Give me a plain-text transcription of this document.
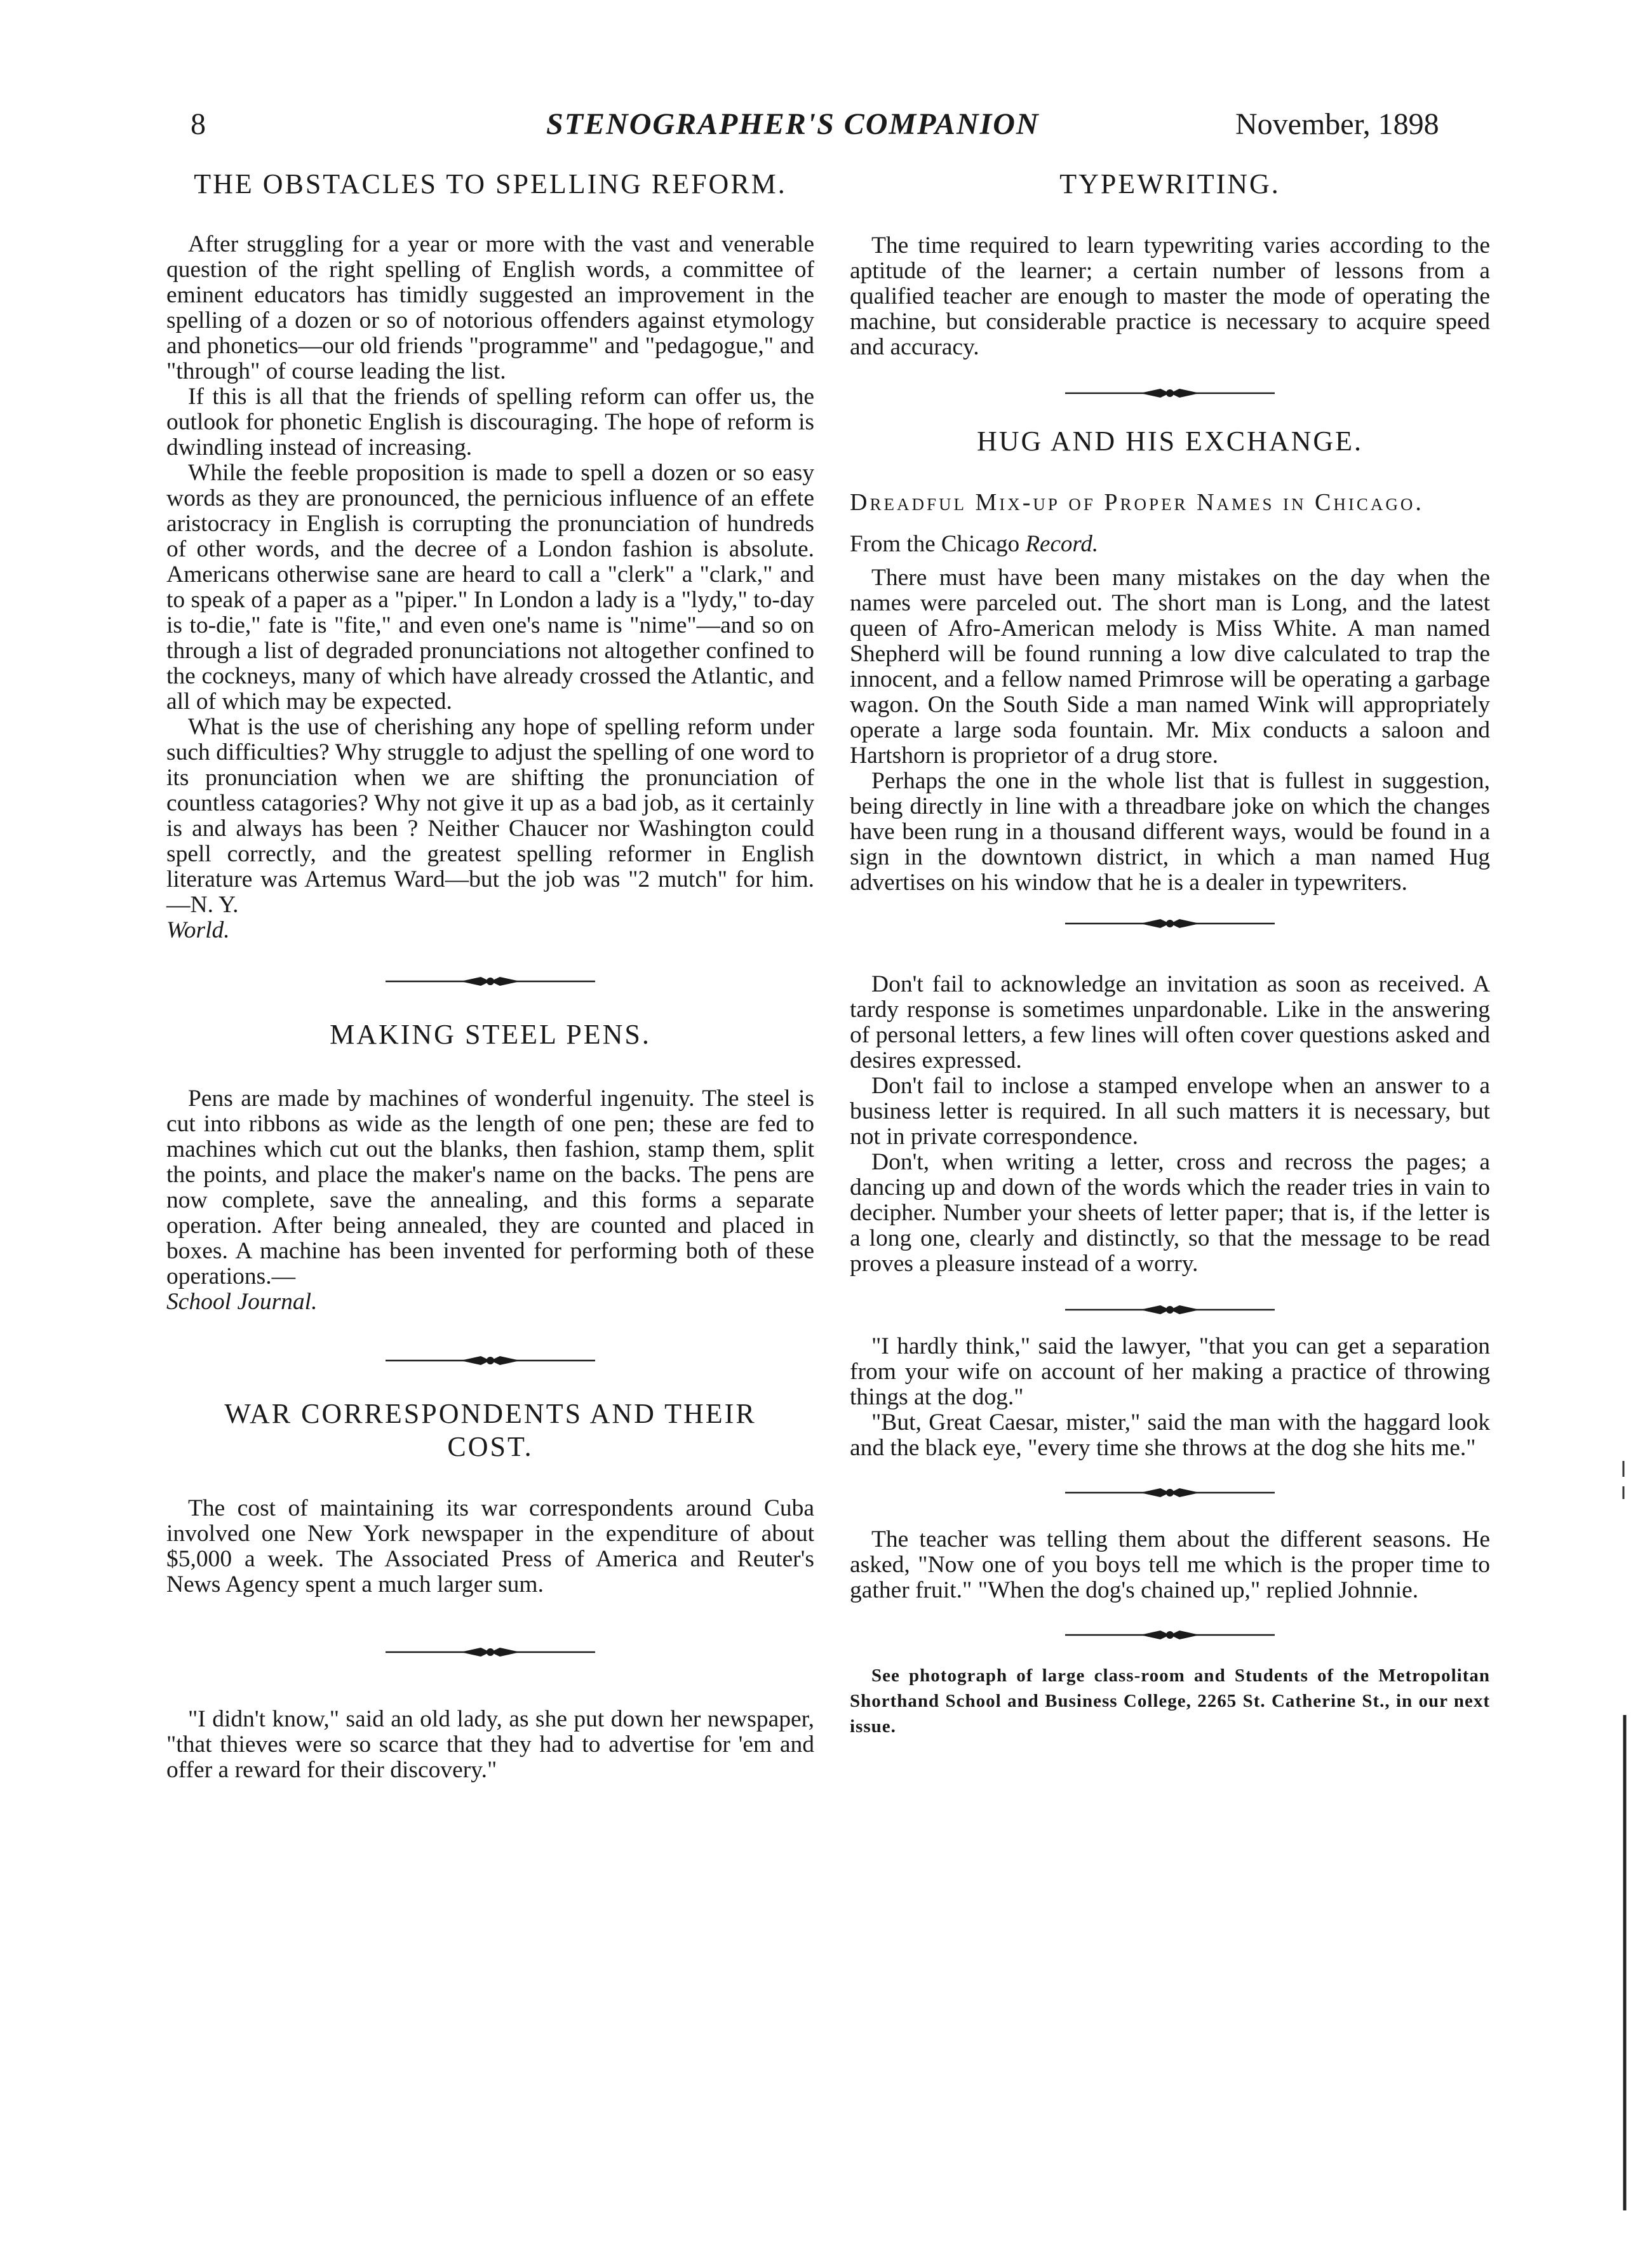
8	STENOGRAPHER'S COMPANION	November, 1898
THE OBSTACLES TO SPELLING REFORM.

After struggling for a year or more with the vast and venerable question of the right spelling of English words, a committee of eminent educators has timidly suggested an improvement in the spelling of a dozen or so of notorious offenders against etymology and phonetics—our old friends "programme" and "pedagogue," and "through" of course leading the list.

If this is all that the friends of spelling reform can offer us, the outlook for phonetic English is discouraging. The hope of reform is dwindling instead of increasing.

While the feeble proposition is made to spell a dozen or so easy words as they are pronounced, the pernicious influence of an effete aristocracy in English is corrupting the pronunciation of hundreds of other words, and the decree of a London fashion is absolute. Americans otherwise sane are heard to call a "clerk" a "clark," and to speak of a paper as a "piper." In London a lady is a "lydy," to-day is to-die," fate is "fite," and even one's name is "nime"—and so on through a list of degraded pronunciations not altogether confined to the cockneys, many of which have already crossed the Atlantic, and all of which may be expected.

What is the use of cherishing any hope of spelling reform under such difficulties? Why struggle to adjust the spelling of one word to its pronunciation when we are shifting the pronunciation of countless catagories? Why not give it up as a bad job, as it certainly is and always has been ? Neither Chaucer nor Washington could spell correctly, and the greatest spelling reformer in English literature was Artemus Ward—but the job was "2 mutch" for him.—N. Y.

World.

MAKING STEEL PENS.

Pens are made by machines of wonderful ingenuity. The steel is cut into ribbons as wide as the length of one pen; these are fed to machines which cut out the blanks, then fashion, stamp them, split the points, and place the maker's name on the backs. The pens are now complete, save the annealing, and this forms a separate operation. After being annealed, they are counted and placed in boxes. A machine has been invented for performing both of these operations.—

School Journal.

WAR CORRESPONDENTS AND THEIR
COST.

The cost of maintaining its war correspondents around Cuba involved one New York newspaper in the expenditure of about $5,000 a week. The Associated Press of America and Reuter's News Agency spent a much larger sum.

"I didn't know," said an old lady, as she put down her newspaper, "that thieves were so scarce that they had to advertise for 'em and offer a reward for their discovery."

TYPEWRITING.

The time required to learn typewriting varies according to the aptitude of the learner; a certain number of lessons from a qualified teacher are enough to master the mode of operating the machine, but considerable practice is necessary to acquire speed and accuracy.

HUG AND HIS EXCHANGE.

Dreadful Mix-up of Proper Names in Chicago.

From the Chicago Record.

There must have been many mistakes on the day when the names were parceled out. The short man is Long, and the latest queen of Afro-American melody is Miss White. A man named Shepherd will be found running a low dive calculated to trap the innocent, and a fellow named Primrose will be operating a garbage wagon. On the South Side a man named Wink will appropriately operate a large soda fountain. Mr. Mix conducts a saloon and Hartshorn is proprietor of a drug store.

Perhaps the one in the whole list that is fullest in suggestion, being directly in line with a threadbare joke on which the changes have been rung in a thousand different ways, would be found in a sign in the downtown district, in which a man named Hug advertises on his window that he is a dealer in typewriters.

Don't fail to acknowledge an invitation as soon as received. A tardy response is sometimes unpardonable. Like in the answering of personal letters, a few lines will often cover questions asked and desires expressed.

Don't fail to inclose a stamped envelope when an answer to a business letter is required. In all such matters it is necessary, but not in private correspondence.

Don't, when writing a letter, cross and recross the pages; a dancing up and down of the words which the reader tries in vain to decipher. Number your sheets of letter paper; that is, if the letter is a long one, clearly and distinctly, so that the message to be read proves a pleasure instead of a worry.

"I hardly think," said the lawyer, "that you can get a separation from your wife on account of her making a practice of throwing things at the dog."

"But, Great Caesar, mister," said the man with the haggard look and the black eye, "every time she throws at the dog she hits me."

The teacher was telling them about the different seasons. He asked, "Now one of you boys tell me which is the proper time to gather fruit." "When the dog's chained up," replied Johnnie.

See photograph of large class-room and Students of the Metropolitan Shorthand School and Business College, 2265 St. Catherine St., in our next issue.
